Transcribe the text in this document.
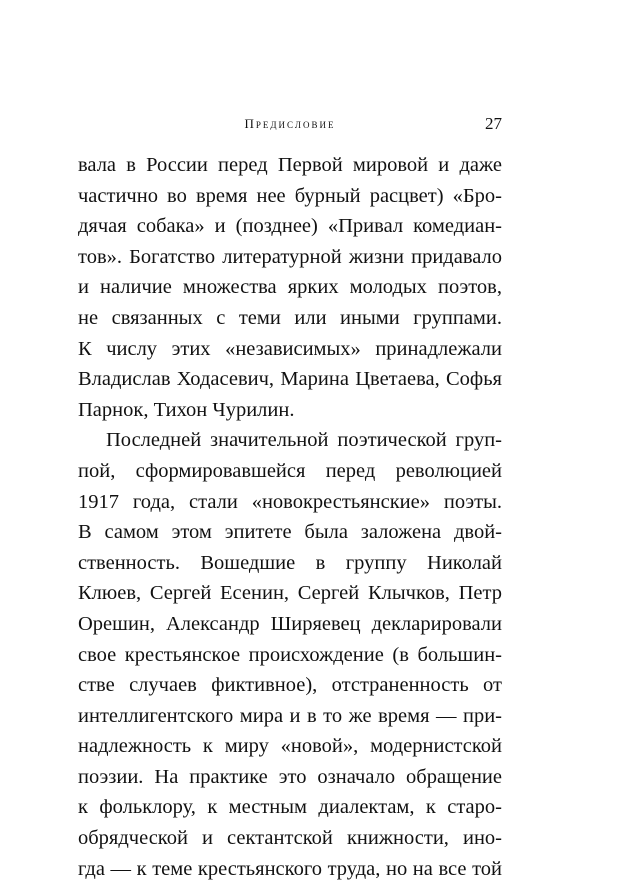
Предисловие	27
вала в России перед Первой мировой и даже
частично во время нее бурный расцвет) «Бро-
дячая собака» и (позднее) «Привал комедиан-
тов». Богатство литературной жизни придавало
и наличие множества ярких молодых поэтов,
не связанных с теми или иными группами.
К числу этих «независимых» принадлежали
Владислав Ходасевич, Марина Цветаева, Софья
Парнок, Тихон Чурилин.
Последней значительной поэтической груп-
пой, сформировавшейся перед революцией
1917 года, стали «новокрестьянские» поэты.
В самом этом эпитете была заложена двой-
ственность. Вошедшие в группу Николай
Клюев, Сергей Есенин, Сергей Клычков, Петр
Орешин, Александр Ширяевец декларировали
свое крестьянское происхождение (в большин-
стве случаев фиктивное), отстраненность от
интеллигентского мира и в то же время — при-
надлежность к миру «новой», модернистской
поэзии. На практике это означало обращение
к фольклору, к местным диалектам, к старо-
обрядческой и сектантской книжности, ино-
гда — к теме крестьянского труда, но на все той
